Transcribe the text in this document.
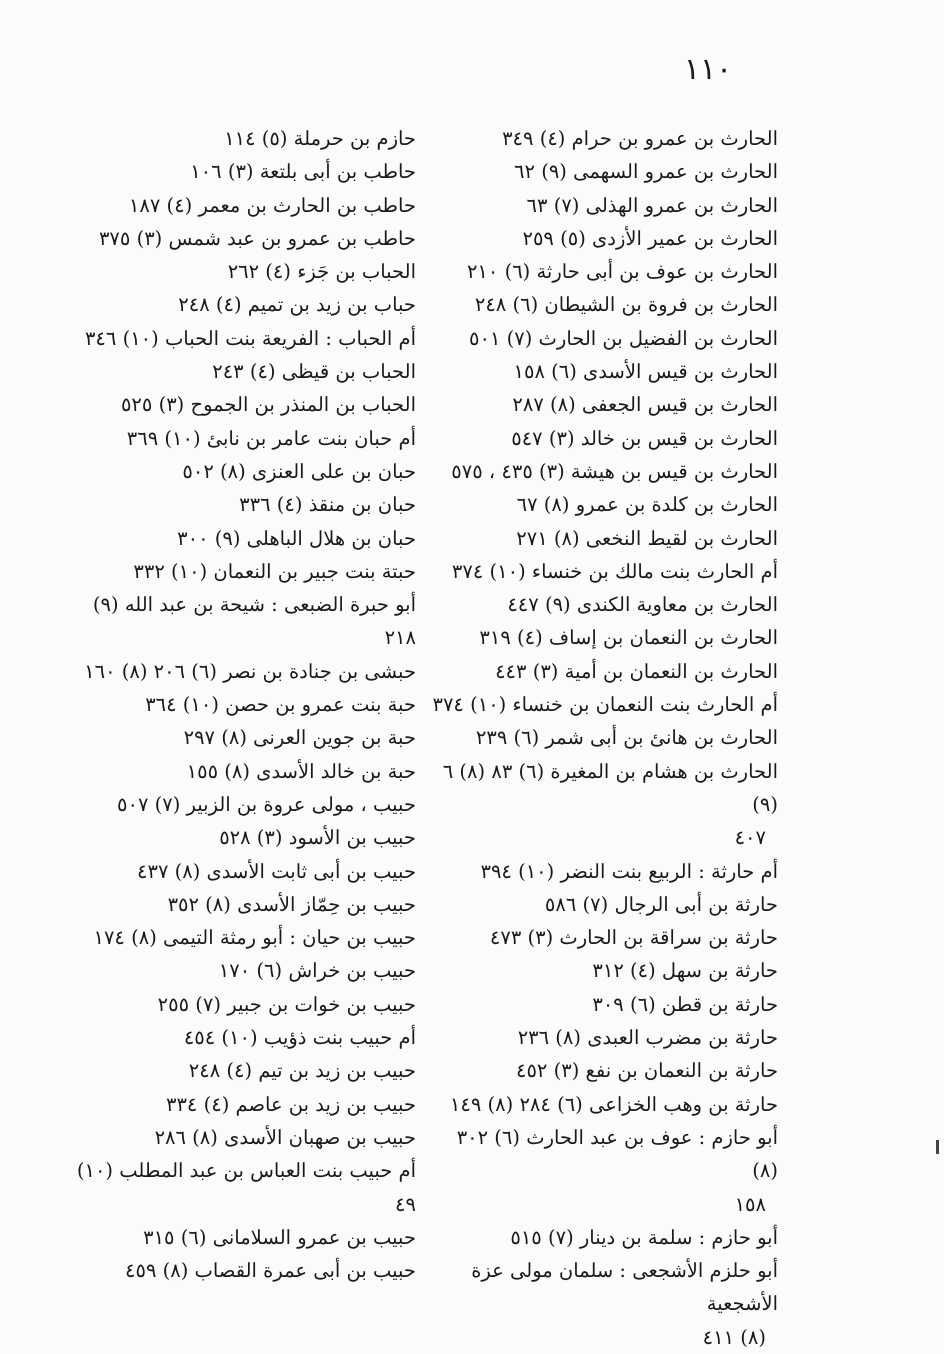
١١٠
الحارث بن عمرو بن حرام (٤) ٣٤٩
الحارث بن عمرو السهمى (٩) ٦٢
الحارث بن عمرو الهذلى (٧) ٦٣
الحارث بن عمير الأزدى (٥) ٢٥٩
الحارث بن عوف بن أبى حارثة (٦) ٢١٠
الحارث بن فروة بن الشيطان (٦) ٢٤٨
الحارث بن الفضيل بن الحارث (٧) ٥٠١
الحارث بن قيس الأسدى (٦) ١٥٨
الحارث بن قيس الجعفى (٨) ٢٨٧
الحارث بن قيس بن خالد (٣) ٥٤٧
الحارث بن قيس بن هيشة (٣) ٤٣٥ ، ٥٧٥
الحارث بن كلدة بن عمرو (٨) ٦٧
الحارث بن لقيط النخعى (٨) ٢٧١
أم الحارث بنت مالك بن خنساء (١٠) ٣٧٤
الحارث بن معاوية الكندى (٩) ٤٤٧
الحارث بن النعمان بن إساف (٤) ٣١٩
الحارث بن النعمان بن أمية (٣) ٤٤٣
أم الحارث بنت النعمان بن خنساء (١٠) ٣٧٤
الحارث بن هانئ بن أبى شمر (٦) ٢٣٩
الحارث بن هشام بن المغيرة (٦) ٨٣ (٨) ٦ (٩)
٤٠٧
أم حارثة : الربيع بنت النضر (١٠) ٣٩٤
حارثة بن أبى الرجال (٧) ٥٨٦
حارثة بن سراقة بن الحارث (٣) ٤٧٣
حارثة بن سهل (٤) ٣١٢
حارثة بن قطن (٦) ٣٠٩
حارثة بن مضرب العبدى (٨) ٢٣٦
حارثة بن النعمان بن نفع (٣) ٤٥٢
حارثة بن وهب الخزاعى (٦) ٢٨٤ (٨) ١٤٩
أبو حازم : عوف بن عبد الحارث (٦) ٣٠٢ (٨)
١٥٨
أبو حازم : سلمة بن دينار (٧) ٥١٥
أبو حلزم الأشجعى : سلمان مولى عزة الأشجعية
(٨) ٤١١
حازم بن حرملة (٥) ١١٤
حاطب بن أبى بلتعة (٣) ١٠٦
حاطب بن الحارث بن معمر (٤) ١٨٧
حاطب بن عمرو بن عبد شمس (٣) ٣٧٥
الحباب بن جَزء (٤) ٢٦٢
حباب بن زيد بن تميم (٤) ٢٤٨
أم الحباب : الفريعة بنت الحباب (١٠) ٣٤٦
الحباب بن قيظى (٤) ٢٤٣
الحباب بن المنذر بن الجموح (٣) ٥٢٥
أم حبان بنت عامر بن نابئ (١٠) ٣٦٩
حبان بن على العنزى (٨) ٥٠٢
حبان بن منقذ (٤) ٣٣٦
حبان بن هلال الباهلى (٩) ٣٠٠
حبتة بنت جبير بن النعمان (١٠) ٣٣٢
أبو حبرة الضبعى : شيحة بن عبد الله (٩) ٢١٨
حبشى بن جنادة بن نصر (٦) ٢٠٦ (٨) ١٦٠
حبة بنت عمرو بن حصن (١٠) ٣٦٤
حبة بن جوين العرنى (٨) ٢٩٧
حبة بن خالد الأسدى (٨) ١٥٥
حبيب ، مولى عروة بن الزبير (٧) ٥٠٧
حبيب بن الأسود (٣) ٥٢٨
حبيب بن أبى ثابت الأسدى (٨) ٤٣٧
حبيب بن حِمّاز الأسدى (٨) ٣٥٢
حبيب بن حيان : أبو رمثة التيمى (٨) ١٧٤
حبيب بن خراش (٦) ١٧٠
حبيب بن خوات بن جبير (٧) ٢٥٥
أم حبيب بنت ذؤيب (١٠) ٤٥٤
حبيب بن زيد بن تيم (٤) ٢٤٨
حبيب بن زيد بن عاصم (٤) ٣٣٤
حبيب بن صهبان الأسدى (٨) ٢٨٦
أم حبيب بنت العباس بن عبد المطلب (١٠) ٤٩
حبيب بن عمرو السلامانى (٦) ٣١٥
حبيب بن أبى عمرة القصاب (٨) ٤٥٩
